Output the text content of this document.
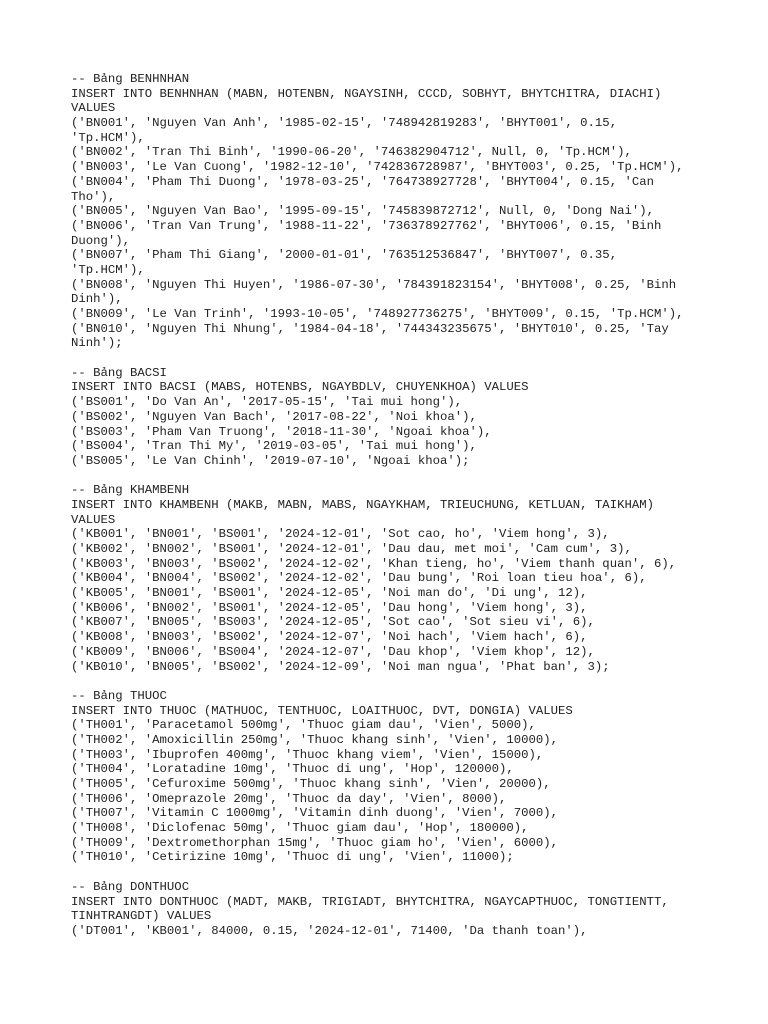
-- Bảng BENHNHAN
INSERT INTO BENHNHAN (MABN, HOTENBN, NGAYSINH, CCCD, SOBHYT, BHYTCHITRA, DIACHI)
VALUES
('BN001', 'Nguyen Van Anh', '1985-02-15', '748942819283', 'BHYT001', 0.15,
'Tp.HCM'),
('BN002', 'Tran Thi Binh', '1990-06-20', '746382904712', Null, 0, 'Tp.HCM'),
('BN003', 'Le Van Cuong', '1982-12-10', '742836728987', 'BHYT003', 0.25, 'Tp.HCM'),
('BN004', 'Pham Thi Duong', '1978-03-25', '764738927728', 'BHYT004', 0.15, 'Can
Tho'),
('BN005', 'Nguyen Van Bao', '1995-09-15', '745839872712', Null, 0, 'Dong Nai'),
('BN006', 'Tran Van Trung', '1988-11-22', '736378927762', 'BHYT006', 0.15, 'Binh
Duong'),
('BN007', 'Pham Thi Giang', '2000-01-01', '763512536847', 'BHYT007', 0.35,
'Tp.HCM'),
('BN008', 'Nguyen Thi Huyen', '1986-07-30', '784391823154', 'BHYT008', 0.25, 'Binh
Dinh'),
('BN009', 'Le Van Trinh', '1993-10-05', '748927736275', 'BHYT009', 0.15, 'Tp.HCM'),
('BN010', 'Nguyen Thi Nhung', '1984-04-18', '744343235675', 'BHYT010', 0.25, 'Tay
Ninh');
-- Bảng BACSI
INSERT INTO BACSI (MABS, HOTENBS, NGAYBDLV, CHUYENKHOA) VALUES
('BS001', 'Do Van An', '2017-05-15', 'Tai mui hong'),
('BS002', 'Nguyen Van Bach', '2017-08-22', 'Noi khoa'),
('BS003', 'Pham Van Truong', '2018-11-30', 'Ngoai khoa'),
('BS004', 'Tran Thi My', '2019-03-05', 'Tai mui hong'),
('BS005', 'Le Van Chinh', '2019-07-10', 'Ngoai khoa');
-- Bảng KHAMBENH
INSERT INTO KHAMBENH (MAKB, MABN, MABS, NGAYKHAM, TRIEUCHUNG, KETLUAN, TAIKHAM)
VALUES
('KB001', 'BN001', 'BS001', '2024-12-01', 'Sot cao, ho', 'Viem hong', 3),
('KB002', 'BN002', 'BS001', '2024-12-01', 'Dau dau, met moi', 'Cam cum', 3),
('KB003', 'BN003', 'BS002', '2024-12-02', 'Khan tieng, ho', 'Viem thanh quan', 6),
('KB004', 'BN004', 'BS002', '2024-12-02', 'Dau bung', 'Roi loan tieu hoa', 6),
('KB005', 'BN001', 'BS001', '2024-12-05', 'Noi man do', 'Di ung', 12),
('KB006', 'BN002', 'BS001', '2024-12-05', 'Dau hong', 'Viem hong', 3),
('KB007', 'BN005', 'BS003', '2024-12-05', 'Sot cao', 'Sot sieu vi', 6),
('KB008', 'BN003', 'BS002', '2024-12-07', 'Noi hach', 'Viem hach', 6),
('KB009', 'BN006', 'BS004', '2024-12-07', 'Dau khop', 'Viem khop', 12),
('KB010', 'BN005', 'BS002', '2024-12-09', 'Noi man ngua', 'Phat ban', 3);
-- Bảng THUOC
INSERT INTO THUOC (MATHUOC, TENTHUOC, LOAITHUOC, DVT, DONGIA) VALUES
('TH001', 'Paracetamol 500mg', 'Thuoc giam dau', 'Vien', 5000),
('TH002', 'Amoxicillin 250mg', 'Thuoc khang sinh', 'Vien', 10000),
('TH003', 'Ibuprofen 400mg', 'Thuoc khang viem', 'Vien', 15000),
('TH004', 'Loratadine 10mg', 'Thuoc di ung', 'Hop', 120000),
('TH005', 'Cefuroxime 500mg', 'Thuoc khang sinh', 'Vien', 20000),
('TH006', 'Omeprazole 20mg', 'Thuoc da day', 'Vien', 8000),
('TH007', 'Vitamin C 1000mg', 'Vitamin dinh duong', 'Vien', 7000),
('TH008', 'Diclofenac 50mg', 'Thuoc giam dau', 'Hop', 180000),
('TH009', 'Dextromethorphan 15mg', 'Thuoc giam ho', 'Vien', 6000),
('TH010', 'Cetirizine 10mg', 'Thuoc di ung', 'Vien', 11000);
-- Bảng DONTHUOC
INSERT INTO DONTHUOC (MADT, MAKB, TRIGIADT, BHYTCHITRA, NGAYCAPTHUOC, TONGTIENTT,
TINHTRANGDT) VALUES
('DT001', 'KB001', 84000, 0.15, '2024-12-01', 71400, 'Da thanh toan'),
